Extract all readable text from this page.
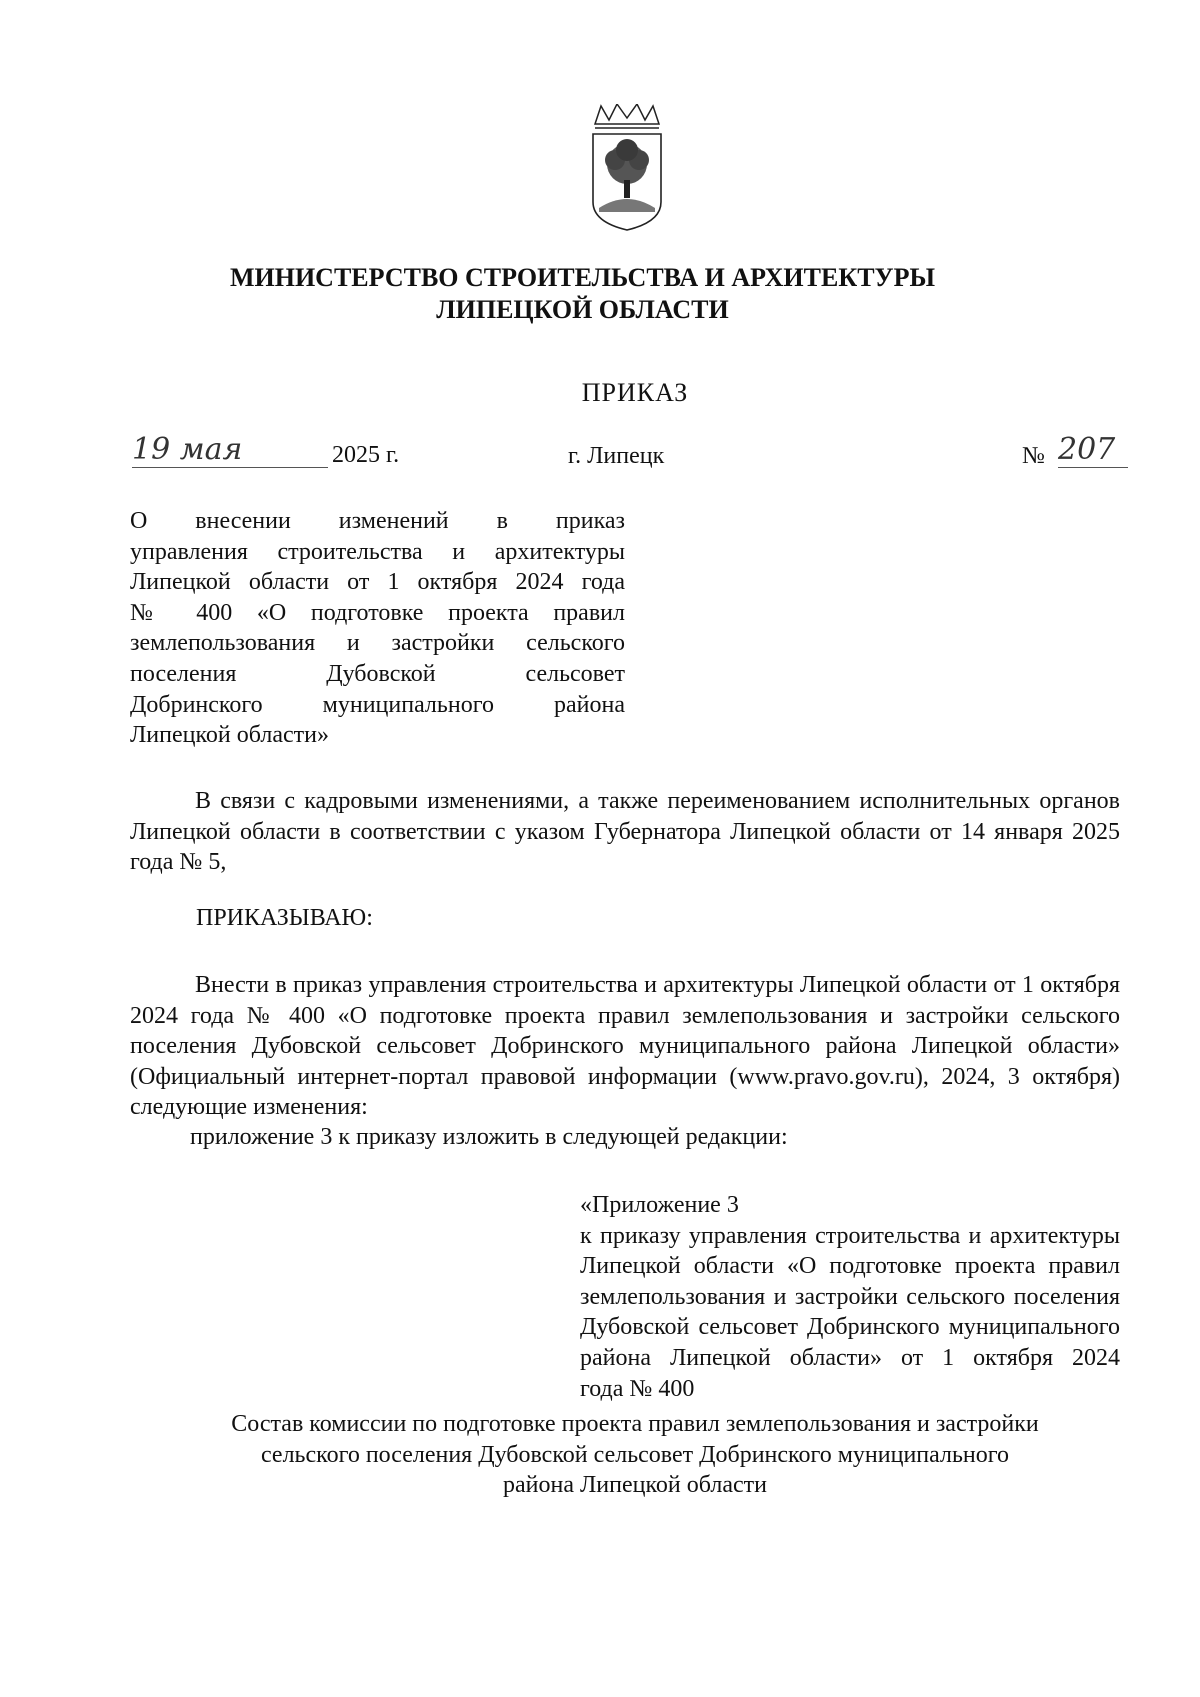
МИНИСТЕРСТВО СТРОИТЕЛЬСТВА И АРХИТЕКТУРЫ
ЛИПЕЦКОЙ ОБЛАСТИ
ПРИКАЗ
19 мая	2025 г.	г. Липецк	№ 207
О внесении изменений в приказ
управления строительства и архитектуры
Липецкой области от 1 октября 2024 года
№ 400 «О подготовке проекта правил
землепользования и застройки сельского
поселения Дубовской сельсовет
Добринского муниципального района
Липецкой области»
В связи с кадровыми изменениями, а также переименованием исполнительных органов Липецкой области в соответствии с указом Губернатора Липецкой области от 14 января 2025 года № 5,
ПРИКАЗЫВАЮ:
Внести в приказ управления строительства и архитектуры Липецкой области от 1 октября 2024 года № 400 «О подготовке проекта правил землепользования и застройки сельского поселения Дубовской сельсовет Добринского муниципального района Липецкой области» (Официальный интернет-портал правовой информации (www.pravo.gov.ru), 2024, 3 октября) следующие изменения:
приложение 3 к приказу изложить в следующей редакции:
«Приложение 3
к приказу управления строительства и архитектуры Липецкой области «О подготовке проекта правил землепользования и застройки сельского поселения Дубовской сельсовет Добринского муниципального района Липецкой области» от 1 октября 2024
года № 400
Состав комиссии по подготовке проекта правил землепользования и застройки
сельского поселения Дубовской сельсовет Добринского муниципального
района Липецкой области
